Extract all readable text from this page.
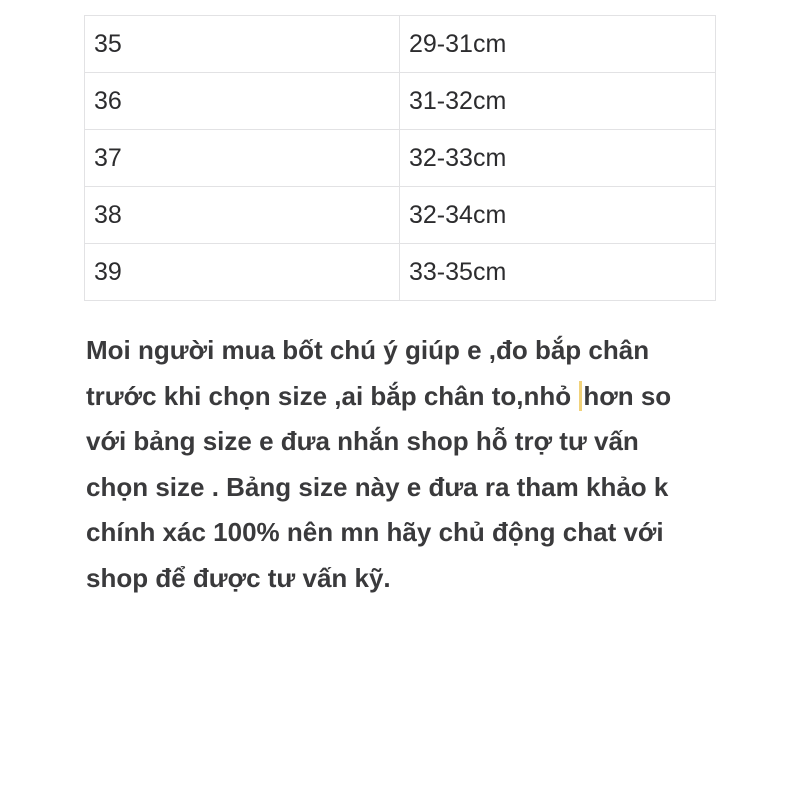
35	29-31cm
36	31-32cm
37	32-33cm
38	32-34cm
39	33-35cm
Moi người mua bốt chú ý giúp e ,đo bắp chân
trước khi chọn size ,ai bắp chân to,nhỏ hơn so
với bảng size e đưa nhắn shop hỗ trợ tư vấn
chọn size . Bảng size này e đưa ra tham khảo k
chính xác 100% nên mn hãy chủ động chat với
shop để được tư vấn kỹ.
